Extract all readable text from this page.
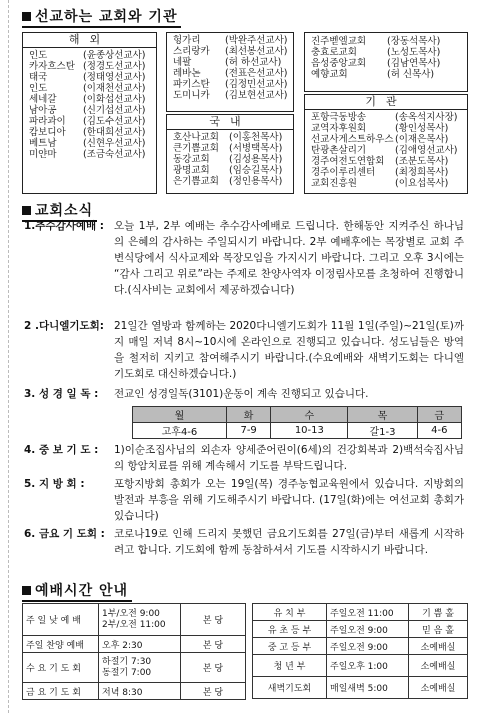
선교하는 교회와 기관
해외
인도	(윤종상선교사)
카자흐스탄 (정경도선교사)
태국	(정태영선교사)
인도	(이재천선교사)
세네갈	(이화섭선교사)
남아공	(신기섭선교사)
파라과이	(김도수선교사)
캄보디아	(한대희선교사)
베트남	(신현우선교사)
미얀마	(조금숙선교사)
헝가리	(박완주선교사)
스리랑카	(최선봉선교사)
네팔	(허 하선교사)
레바논	(전표은선교사)
파키스탄	(김정민선교사)
도미니카	(김보현선교사)
국내
호산나교회	(이홍천목사)
큰기쁨교회	(서병택목사)
동강교회	(김성용목사)
광명교회	(임승길목사)
은기쁨교회	(정인용목사)
진주벧엘교회	(장동석목사)
충효로교회	(노성도목사)
음성중앙교회	(김남연목사)
예향교회	(허 신목사)
기관
포항극동방송	(송옥석지사장)
교역자후원회	(황인성목사)
선교사게스트하우스 (이재은목사)
탄광촌살리기	(김애영선교사)
경주여전도연합회	(조분도목사)
경주이루리센터	(최정희목사)
교회진흥원	(이요섭목사)
교회소식
1.추수감사예배 : 오늘 1부, 2부 예배는 추수감사예배로 드립니다. 한해동안 지켜주신 하나님의 은혜의 감사하는 주일되시기 바랍니다. 2부 예배후에는 목장별로 교회 주변식당에서 식사교제와 목장모임을 가지시기 바랍니다. 그리고 오후 3시에는 “감사 그리고 위로”라는 주제로 찬양사역자 이정림사모를 초청하여 진행합니다.(식사비는 교회에서 제공하겠습니다)
2 .다니엘기도회: 21일간 열방과 함께하는 2020다니엘기도회가 11월 1일(주일)~21일(토)까지 매일 저녁 8시~10시에 온라인으로 진행되고 있습니다. 성도님들은 방역을 철저히 지키고 참여해주시기 바랍니다.(수요예배와 새벽기도회는 다니엘기도회로 대신하겠습니다.)
3. 성 경 일 독 :	전교인 성경일독(3101)운동이 계속 진행되고 있습니다.
월	화	수	목	금
고후4-6	7-9	10-13	갈1-3	4-6
4. 중 보 기 도 :	1)이순조집사님의 외손자 양세준어린이(6세)의 건강회복과 2)백석숙집사님의 항암치료를 위해 계속해서 기도를 부탁드립니다.
5. 지 방 회 :	포항지방회 총회가 오는 19일(목) 경주농협교육원에서 있습니다. 지방회의 발전과 부흥을 위해 기도해주시기 바랍니다. (17일(화)에는 여선교회 총회가 있습니다)
6. 금요 기 도회 : 코로나19로 인해 드리지 못했던 금요기도회를 27일(금)부터 새롭게 시작하려고 합니다. 기도회에 함께 동참하셔서 기도를 시작하시기 바랍니다.
예배시간 안내
주 일 낮 예 배	1부/오전 9:00
2부/오전 11:00	본 당
주일 찬양 예배	오후 2:30	본 당
수 요 기 도 회	하절기 7:30
동절기 7:00	본 당
금 요 기 도 회	저녁 8:30	본 당
유 치 부	주일오전 11:00	기 쁨 홀
유 초 등 부	주일오전 9:00	믿 음 홀
중 고 등 부	주일오전 9:00	소예배실
청 년 부	주일오후 1:00	소예배실
새벽기도회	매일새벽 5:00	소예배실
